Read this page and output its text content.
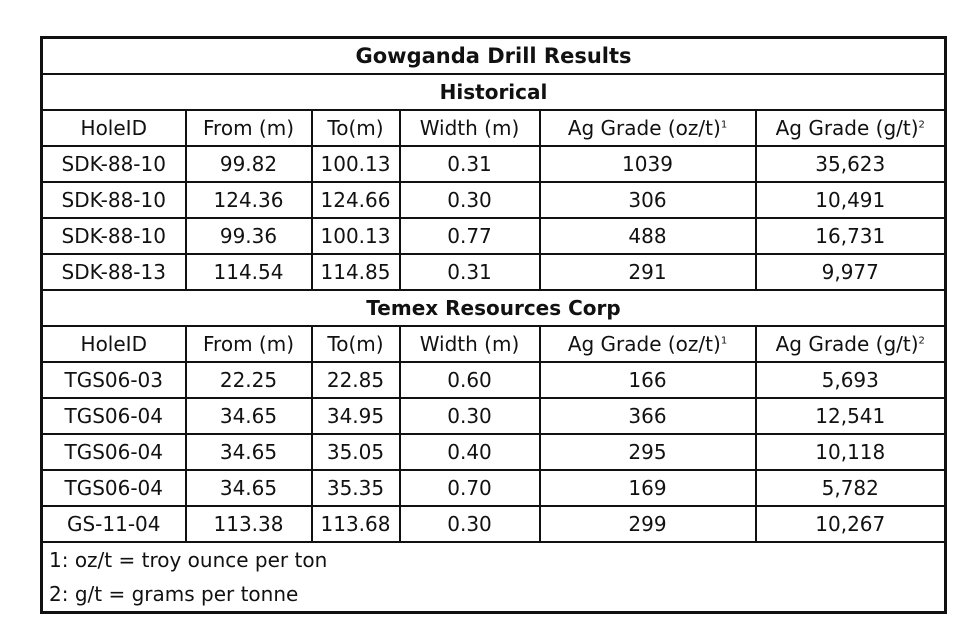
Gowganda Drill Results					
Historical					
HoleID	From (m)	To(m)	Width (m)	Ag Grade $(oz/t)^1$	Ag Grade $(g/t)^2$
SDK-88-10	99.82	100.13	0.31	1039	35,623
SDK-88-10	124.36	124.66	0.30	306	10,491
SDK-88-10	99.36	100.13	0.77	488	16,731
SDK-88-13	114.54	114.85	0.31	291	9,977
Temex Resources Corp					
HoleID	From (m)	To(m)	Width (m)	Ag Grade $(oz/t)^1$	Ag Grade $(g/t)^2$
TGS06-03	22.25	22.85	0.60	166	5,693
TGS06-04	34.65	34.95	0.30	366	12,541
TGS06-04	34.65	35.05	0.40	295	10,118
TGS06-04	34.65	35.35	0.70	169	5,782
GS-11-04	113.38	113.68	0.30	299	10,267
1: oz/t = troy ounce per ton					
2: g/t = grams per tonne					
